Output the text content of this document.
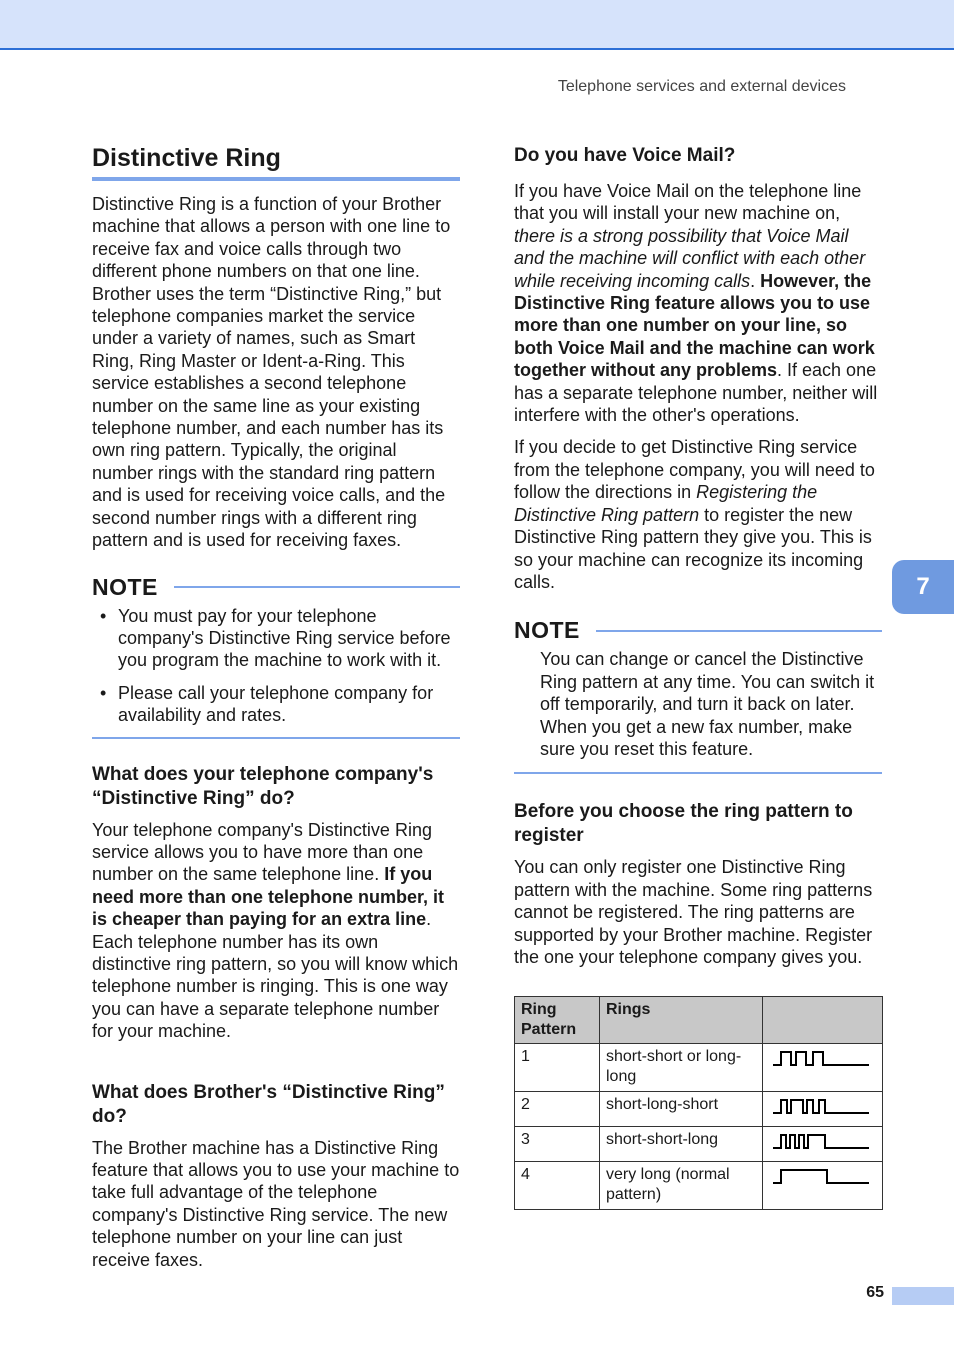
Telephone services and external devices
Distinctive Ring

Distinctive Ring is a function of your Brother machine that allows a person with one line to receive fax and voice calls through two different phone numbers on that one line. Brother uses the term “Distinctive Ring,” but telephone companies market the service under a variety of names, such as Smart Ring, Ring Master or Ident-a-Ring. This service establishes a second telephone number on the same line as your existing telephone number, and each number has its own ring pattern. Typically, the original number rings with the standard ring pattern and is used for receiving voice calls, and the second number rings with a different ring pattern and is used for receiving faxes.

NOTE
• You must pay for your telephone company's Distinctive Ring service before you program the machine to work with it.
• Please call your telephone company for availability and rates.
What does your telephone company's “Distinctive Ring” do?

Your telephone company's Distinctive Ring service allows you to have more than one number on the same telephone line. If you need more than one telephone number, it is cheaper than paying for an extra line. Each telephone number has its own distinctive ring pattern, so you will know which telephone number is ringing. This is one way you can have a separate telephone number for your machine.

What does Brother's “Distinctive Ring” do?

The Brother machine has a Distinctive Ring feature that allows you to use your machine to take full advantage of the telephone company's Distinctive Ring service. The new telephone number on your line can just receive faxes.

Do you have Voice Mail?

If you have Voice Mail on the telephone line that you will install your new machine on, there is a strong possibility that Voice Mail and the machine will conflict with each other while receiving incoming calls. However, the Distinctive Ring feature allows you to use more than one number on your line, so both Voice Mail and the machine can work together without any problems. If each one has a separate telephone number, neither will interfere with the other's operations.

If you decide to get Distinctive Ring service from the telephone company, you will need to follow the directions in Registering the Distinctive Ring pattern to register the new Distinctive Ring pattern they give you. This is so your machine can recognize its incoming calls.

NOTE
You can change or cancel the Distinctive Ring pattern at any time. You can switch it off temporarily, and turn it back on later. When you get a new fax number, make sure you reset this feature.
Before you choose the ring pattern to register

You can only register one Distinctive Ring pattern with the machine. Some ring patterns cannot be registered. The ring patterns are supported by your Brother machine. Register the one your telephone company gives you.

Ring Pattern	Rings	
1	short-short or long-long	
2	short-long-short	
3	short-short-long	
4	very long (normal pattern)	
7
65
